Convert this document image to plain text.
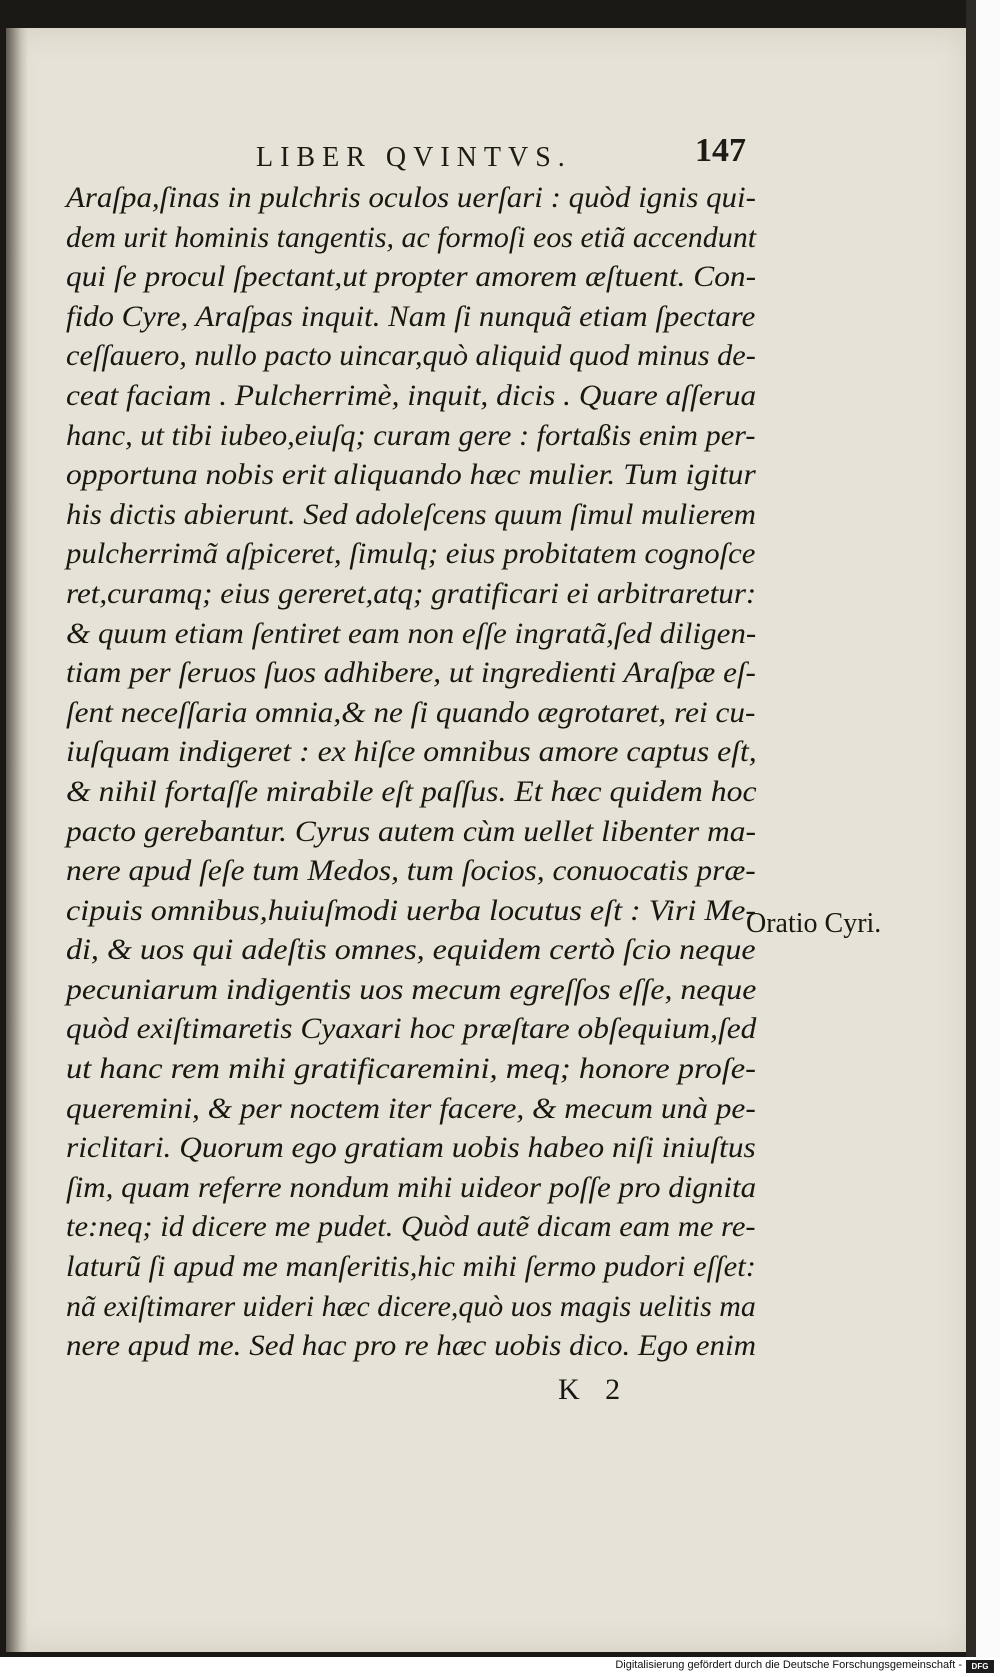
LIBER QVINTVS.	147
Araſpa,ſinas in pulchris oculos uerſari : quòd ignis qui-
dem urit hominis tangentis, ac formoſi eos etiã accendunt
qui ſe procul ſpectant,ut propter amorem æſtuent. Con-
fido Cyre, Araſpas inquit. Nam ſi nunquã etiam ſpectare
ceſſauero, nullo pacto uincar,quò aliquid quod minus de-
ceat faciam . Pulcherrimè, inquit, dicis . Quare aſſerua
hanc, ut tibi iubeo,eiuſq; curam gere : fortaßis enim per-
opportuna nobis erit aliquando hæc mulier. Tum igitur
his dictis abierunt. Sed adoleſcens quum ſimul mulierem
pulcherrimã aſpiceret, ſimulq; eius probitatem cognoſce
ret,curamq; eius gereret,atq; gratificari ei arbitraretur:
& quum etiam ſentiret eam non eſſe ingratã,ſed diligen-
tiam per ſeruos ſuos adhibere, ut ingredienti Araſpæ eſ-
ſent neceſſaria omnia,& ne ſi quando ægrotaret, rei cu-
iuſquam indigeret : ex hiſce omnibus amore captus eſt,
& nihil fortaſſe mirabile eſt paſſus. Et hæc quidem hoc
pacto gerebantur. Cyrus autem cùm uellet libenter ma-
nere apud ſeſe tum Medos, tum ſocios, conuocatis præ-
cipuis omnibus,huiuſmodi uerba locutus eſt : Viri Me-
di, & uos qui adeſtis omnes, equidem certò ſcio neque
pecuniarum indigentis uos mecum egreſſos eſſe, neque
quòd exiſtimaretis Cyaxari hoc præſtare obſequium,ſed
ut hanc rem mihi gratificaremini, meq; honore proſe-
queremini, & per noctem iter facere, & mecum unà pe-
riclitari. Quorum ego gratiam uobis habeo niſi iniuſtus
ſim, quam referre nondum mihi uideor poſſe pro dignita
te:neq; id dicere me pudet. Quòd autẽ dicam eam me re-
laturũ ſi apud me manſeritis,hic mihi ſermo pudori eſſet:
nã exiſtimarer uideri hæc dicere,quò uos magis uelitis ma
nere apud me. Sed hac pro re hæc uobis dico. Ego enim
Oratio Cyri.
K 2
Digitalisierung gefördert durch die Deutsche Forschungsgemeinschaft -	DFG
